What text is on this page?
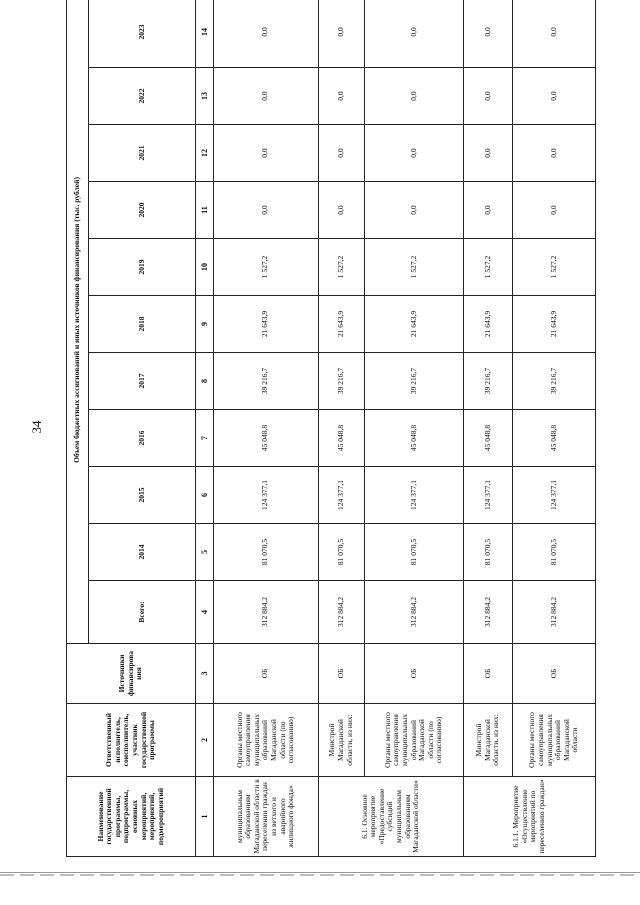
34
Наименование государственной программы, подпрограммы, основных мероприятий, мероприятий, подмероприятий	Ответственный исполнитель, соисполнитель, участник государственной программы	Источники финансирова ния	Объем бюджетных ассигнований и иных источников финансирования (тыс. рублей)										
			Всего:	2014	2015	2016	2017	2018	2019	2020	2021	2022	2023
1	2	3	4	5	6	7	8	9	10	11	12	13	14
муниципальным образованиям Магаданской области в переселении граждан из ветхого и аварийного жилищного фонда»	Органы местного самоуправления муниципальных образований Магаданской области (по согласованию)	ОБ	312 884,2	81 070,5	124 377,1	45 048,8	39 216,7	21 643,9	1 527,2	0,0	0,0	0,0	0,0
6.1. Основное мероприятие «Предоставление субсидий муниципальным образованиям Магаданской области»	Минстрой Магаданской области, из них:	ОБ	312 884,2	81 070,5	124 377,1	45 048,8	39 216,7	21 643,9	1 527,2	0,0	0,0	0,0	0,0
	Органы местного самоуправления муниципальных образований Магаданской области (по согласованию)	ОБ	312 884,2	81 070,5	124 377,1	45 048,8	39 216,7	21 643,9	1 527,2	0,0	0,0	0,0	0,0
6.1.1. Мероприятие «Осуществление мероприятий по переселению граждан»	Минстрой Магаданской области, из них:	ОБ	312 884,2	81 070,5	124 377,1	45 048,8	39 216,7	21 643,9	1 527,2	0,0	0,0	0,0	0,0
	Органы местного самоуправления муниципальных образований Магаданской области	ОБ	312 884,2	81 070,5	124 377,1	45 048,8	39 216,7	21 643,9	1 527,2	0,0	0,0	0,0	0,0
